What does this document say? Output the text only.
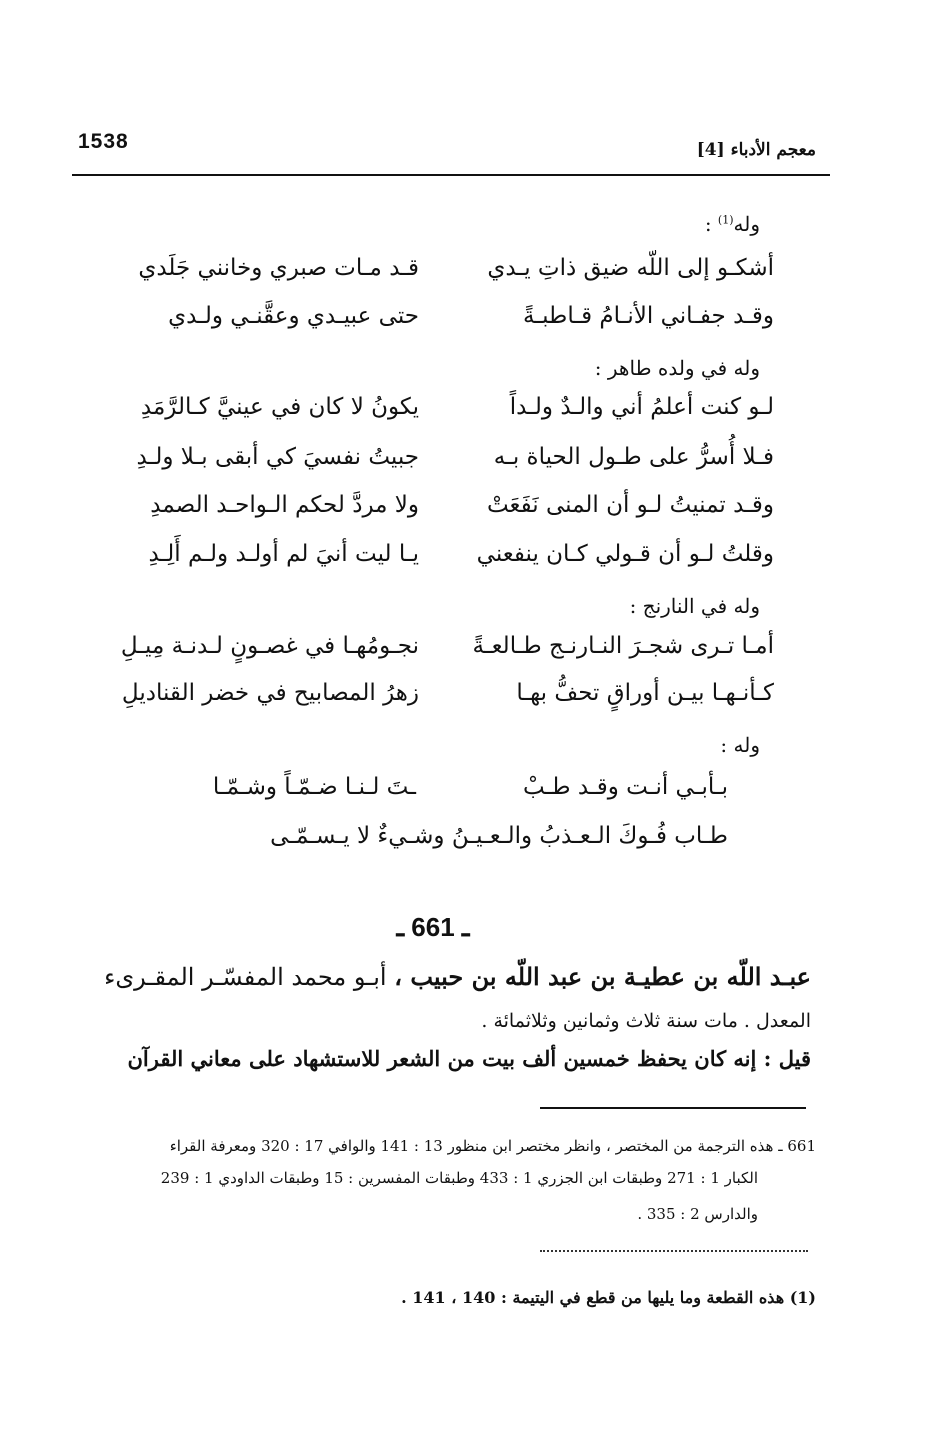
1538	معجم الأدباء [4]
وله$^{(1)}$ :
أشكـو إلى اللّه ضيق ذاتِ يـدي
قـد مـات صبري وخانني جَلَدي
وقـد جفـاني الأنـامُ قـاطبـةً
حتى عبيـدي وعقَّنـي ولـدي
وله في ولده طاهر :
لـو كنت أعلمُ أني والـدٌ ولـداً
يكونُ لا كان في عينيَّ كـالرَّمَدِ
فـلا أُسرُّ على طـول الحياة بـه
جبيتُ نفسيَ كي أبقى بـلا ولـدِ
وقـد تمنيتُ لـو أن المنى نَفَعَتْ
ولا مردَّ لحكم الـواحـد الصمدِ
وقلتُ لـو أن قـولي كـان ينفعني
يـا ليت أنيَ لم أولـد ولـم أَلِـدِ
وله في النارنج :
أمـا تـرى شجـرَ النـارنـج طـالعـةً
نجـومُهـا في غصـونٍ لـدنـة مِيـلِ
كـأنـهـا بيـن أوراقٍ تحفُّ بهـا
زهرُ المصابيح في خضر القناديلِ
وله :
بـأبـي أنـت وقـد طـبْ
ـتَ لـنـا ضـمّـاً وشـمّـا
طـاب فُـوكَ الـعـذبُ والـعـيـنُ وشـيءٌ لا يـسـمّـى
ـ 661 ـ
عبـد اللّه بن عطيـة بن عبد اللّه بن حبيب ، أبـو محمد المفسّـر المقـرىء
المعدل . مات سنة ثلاث وثمانين وثلاثمائة .
قيل : إنه كان يحفظ خمسين ألف بيت من الشعر للاستشهاد على معاني القرآن
661 ـ هذه الترجمة من المختصر ، وانظر مختصر ابن منظور 13 : 141 والوافي 17 : 320 ومعرفة القراء
الكبار 1 : 271 وطبقات ابن الجزري 1 : 433 وطبقات المفسرين : 15 وطبقات الداودي 1 : 239
والدارس 2 : 335 .
(1) هذه القطعة وما يليها من قطع في اليتيمة : 140 ، 141 .
